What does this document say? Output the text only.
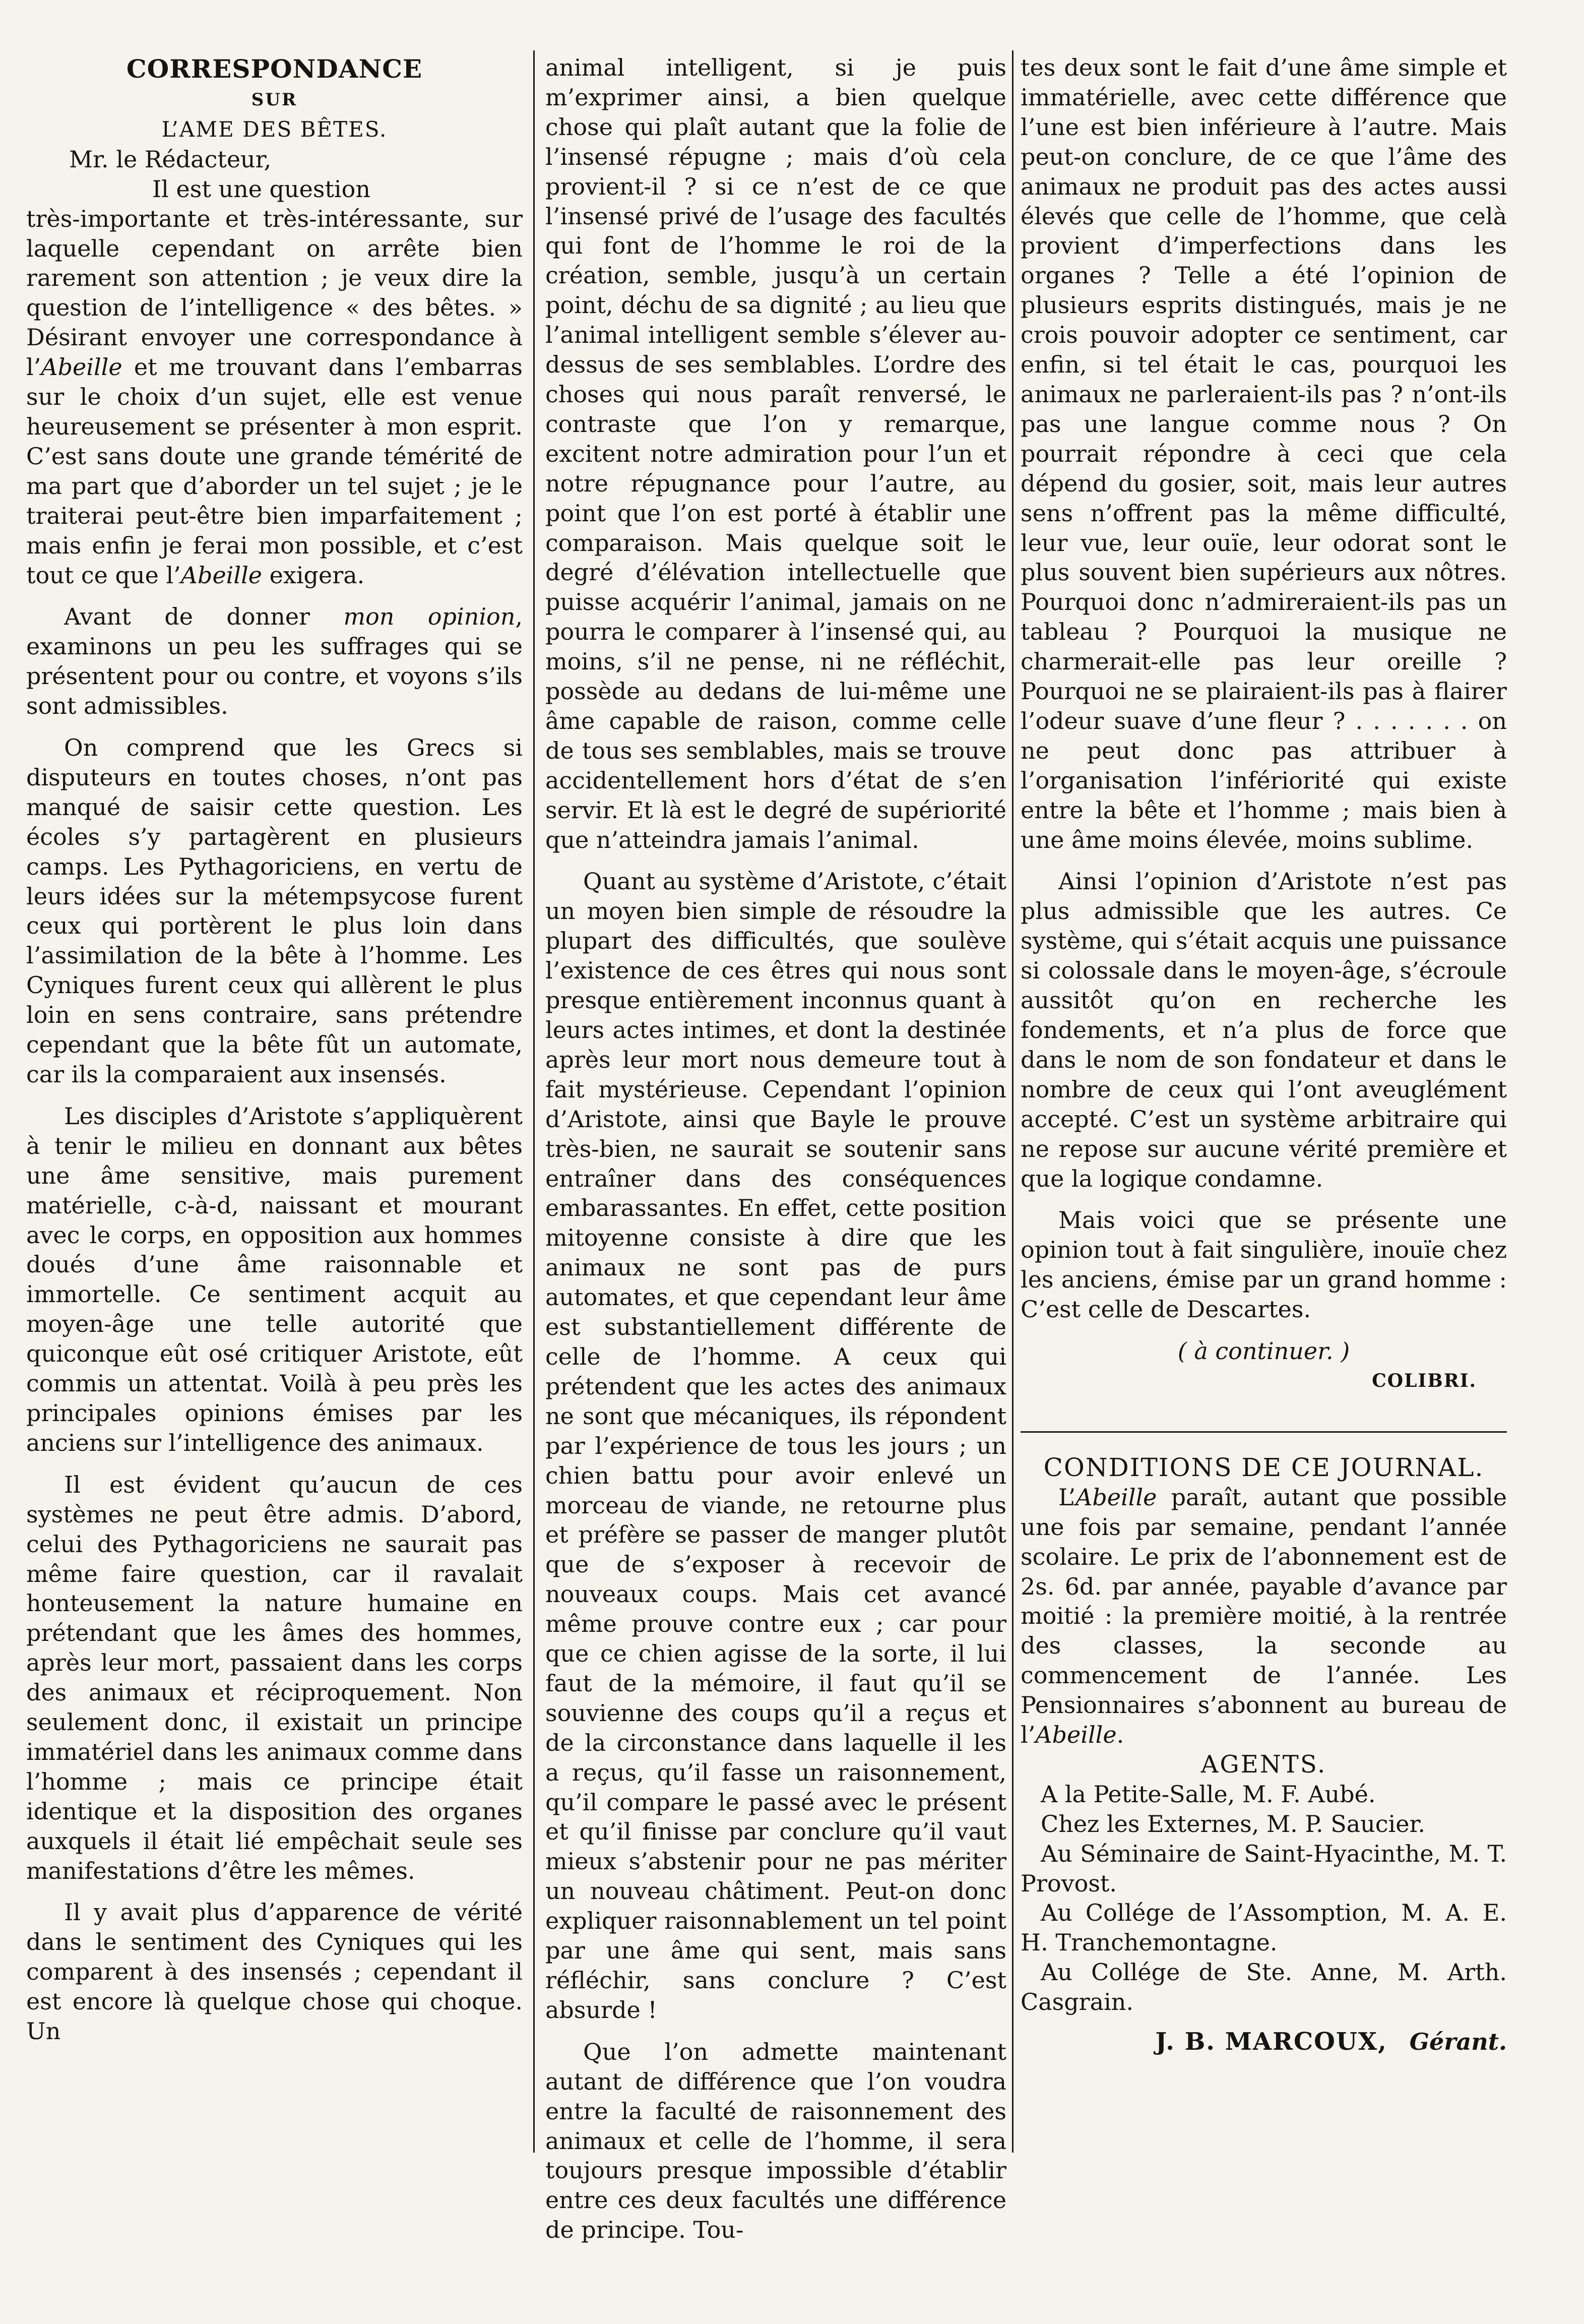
CORRESPONDANCE

SUR

L’AME DES BÊTES.

Mr. le Rédacteur,

Il est une question
très-importante et très-intéressante, sur laquelle cependant on arrête bien rarement son attention ; je veux dire la question de l’intelligence « des bêtes. » Désirant envoyer une correspondance à l’Abeille et me trouvant dans l’embarras sur le choix d’un sujet, elle est venue heureusement se présenter à mon esprit. C’est sans doute une grande témérité de ma part que d’aborder un tel sujet ; je le traiterai peut-être bien imparfaitement ; mais enfin je ferai mon possible, et c’est tout ce que l’Abeille exigera.

Avant de donner mon opinion, examinons un peu les suffrages qui se présentent pour ou contre, et voyons s’ils sont admissibles.

On comprend que les Grecs si disputeurs en toutes choses, n’ont pas manqué de saisir cette question. Les écoles s’y partagèrent en plusieurs camps. Les Pythagoriciens, en vertu de leurs idées sur la métempsycose furent ceux qui portèrent le plus loin dans l’assimilation de la bête à l’homme. Les Cyniques furent ceux qui allèrent le plus loin en sens contraire, sans prétendre cependant que la bête fût un automate, car ils la comparaient aux insensés.

Les disciples d’Aristote s’appliquèrent à tenir le milieu en donnant aux bêtes une âme sensitive, mais purement matérielle, c-à-d, naissant et mourant avec le corps, en opposition aux hommes doués d’une âme raisonnable et immortelle. Ce sentiment acquit au moyen-âge une telle autorité que quiconque eût osé critiquer Aristote, eût commis un attentat. Voilà à peu près les principales opinions émises par les anciens sur l’intelligence des animaux.

Il est évident qu’aucun de ces systèmes ne peut être admis. D’abord, celui des Pythagoriciens ne saurait pas même faire question, car il ravalait honteusement la nature humaine en prétendant que les âmes des hommes, après leur mort, passaient dans les corps des animaux et réciproquement. Non seulement donc, il existait un principe immatériel dans les animaux comme dans l’homme ; mais ce principe était identique et la disposition des organes auxquels il était lié empêchait seule ses manifestations d’être les mêmes.

Il y avait plus d’apparence de vérité dans le sentiment des Cyniques qui les comparent à des insensés ; cependant il est encore là quelque chose qui choque. Un

animal intelligent, si je puis m’exprimer ainsi, a bien quelque chose qui plaît autant que la folie de l’insensé répugne ; mais d’où cela provient-il ? si ce n’est de ce que l’insensé privé de l’usage des facultés qui font de l’homme le roi de la création, semble, jusqu’à un certain point, déchu de sa dignité ; au lieu que l’animal intelligent semble s’élever au-dessus de ses semblables. L’ordre des choses qui nous paraît renversé, le contraste que l’on y remarque, excitent notre admiration pour l’un et notre répugnance pour l’autre, au point que l’on est porté à établir une comparaison. Mais quelque soit le degré d’élévation intellectuelle que puisse acquérir l’animal, jamais on ne pourra le comparer à l’insensé qui, au moins, s’il ne pense, ni ne réfléchit, possède au dedans de lui-même une âme capable de raison, comme celle de tous ses semblables, mais se trouve accidentellement hors d’état de s’en servir. Et là est le degré de supériorité que n’atteindra jamais l’animal.

Quant au système d’Aristote, c’était un moyen bien simple de résoudre la plupart des difficultés, que soulève l’existence de ces êtres qui nous sont presque entièrement inconnus quant à leurs actes intimes, et dont la destinée après leur mort nous demeure tout à fait mystérieuse. Cependant l’opinion d’Aristote, ainsi que Bayle le prouve très-bien, ne saurait se soutenir sans entraîner dans des conséquences embarassantes. En effet, cette position mitoyenne consiste à dire que les animaux ne sont pas de purs automates, et que cependant leur âme est substantiellement différente de celle de l’homme. A ceux qui prétendent que les actes des animaux ne sont que mécaniques, ils répondent par l’expérience de tous les jours ; un chien battu pour avoir enlevé un morceau de viande, ne retourne plus et préfère se passer de manger plutôt que de s’exposer à recevoir de nouveaux coups. Mais cet avancé même prouve contre eux ; car pour que ce chien agisse de la sorte, il lui faut de la mémoire, il faut qu’il se souvienne des coups qu’il a reçus et de la circonstance dans laquelle il les a reçus, qu’il fasse un raisonnement, qu’il compare le passé avec le présent et qu’il finisse par conclure qu’il vaut mieux s’abstenir pour ne pas mériter un nouveau châtiment. Peut-on donc expliquer raisonnablement un tel point par une âme qui sent, mais sans réfléchir, sans conclure ? C’est absurde !

Que l’on admette maintenant autant de différence que l’on voudra entre la faculté de raisonnement des animaux et celle de l’homme, il sera toujours presque impossible d’établir entre ces deux facultés une différence de principe. Tou-

tes deux sont le fait d’une âme simple et immatérielle, avec cette différence que l’une est bien inférieure à l’autre. Mais peut-on conclure, de ce que l’âme des animaux ne produit pas des actes aussi élevés que celle de l’homme, que celà provient d’imperfections dans les organes ? Telle a été l’opinion de plusieurs esprits distingués, mais je ne crois pouvoir adopter ce sentiment, car enfin, si tel était le cas, pourquoi les animaux ne parleraient-ils pas ? n’ont-ils pas une langue comme nous ? On pourrait répondre à ceci que cela dépend du gosier, soit, mais leur autres sens n’offrent pas la même difficulté, leur vue, leur ouïe, leur odorat sont le plus souvent bien supérieurs aux nôtres. Pourquoi donc n’admireraient-ils pas un tableau ? Pourquoi la musique ne charmerait-elle pas leur oreille ? Pourquoi ne se plairaient-ils pas à flairer l’odeur suave d’une fleur ? . . . . . . . on ne peut donc pas attribuer à l’organisation l’infériorité qui existe entre la bête et l’homme ; mais bien à une âme moins élevée, moins sublime.

Ainsi l’opinion d’Aristote n’est pas plus admissible que les autres. Ce système, qui s’était acquis une puissance si colossale dans le moyen-âge, s’écroule aussitôt qu’on en recherche les fondements, et n’a plus de force que dans le nom de son fondateur et dans le nombre de ceux qui l’ont aveuglément accepté. C’est un système arbitraire qui ne repose sur aucune vérité première et que la logique condamne.

Mais voici que se présente une opinion tout à fait singulière, inouïe chez les anciens, émise par un grand homme : C’est celle de Descartes.

( à continuer. )

COLIBRI.

CONDITIONS DE CE JOURNAL.

L’Abeille paraît, autant que possible une fois par semaine, pendant l’année scolaire. Le prix de l’abonnement est de 2s. 6d. par année, payable d’avance par moitié : la première moitié, à la rentrée des classes, la seconde au commencement de l’année. Les Pensionnaires s’abonnent au bureau de l’Abeille.

AGENTS.

A la Petite-Salle, M. F. Aubé.

Chez les Externes, M. P. Saucier.

Au Séminaire de Saint-Hyacinthe, M. T. Provost.

Au Collége de l’Assomption, M. A. E. H. Tranchemontagne.

Au Collége de Ste. Anne, M. Arth. Casgrain.

J. B. MARCOUX, Gérant.
